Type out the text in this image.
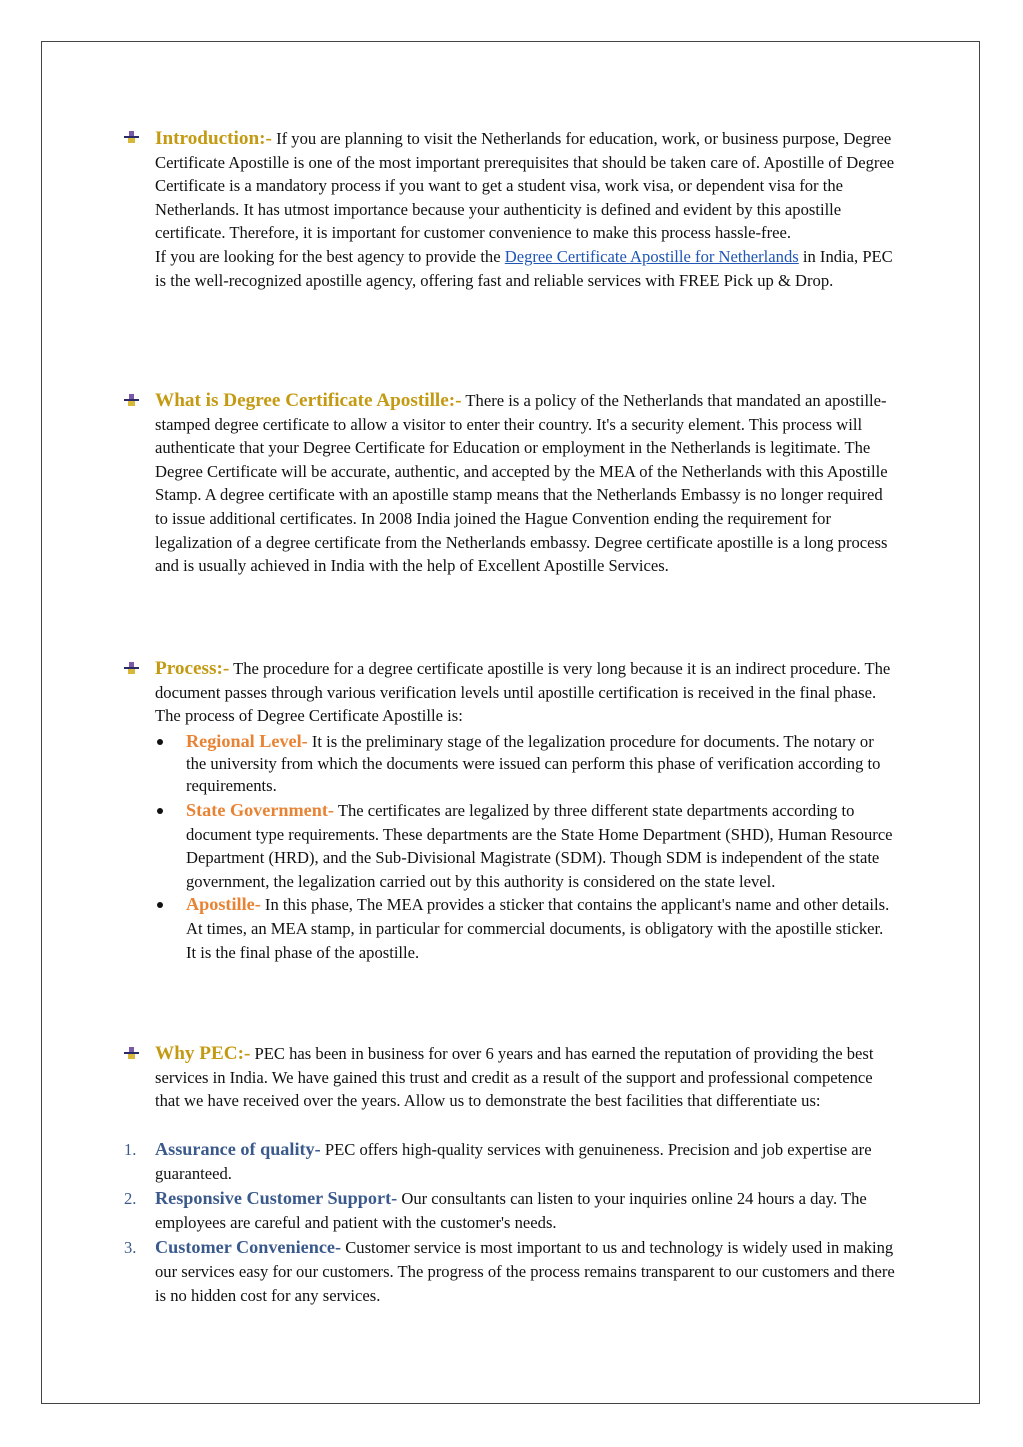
Introduction:- If you are planning to visit the Netherlands for education, work, or business purpose, Degree Certificate Apostille is one of the most important prerequisites that should be taken care of. Apostille of Degree Certificate is a mandatory process if you want to get a student visa, work visa, or dependent visa for the Netherlands. It has utmost importance because your authenticity is defined and evident by this apostille certificate. Therefore, it is important for customer convenience to make this process hassle-free.
If you are looking for the best agency to provide the Degree Certificate Apostille for Netherlands in India, PEC is the well-recognized apostille agency, offering fast and reliable services with FREE Pick up & Drop.
What is Degree Certificate Apostille:- There is a policy of the Netherlands that mandated an apostille-stamped degree certificate to allow a visitor to enter their country. It's a security element. This process will authenticate that your Degree Certificate for Education or employment in the Netherlands is legitimate. The Degree Certificate will be accurate, authentic, and accepted by the MEA of the Netherlands with this Apostille Stamp. A degree certificate with an apostille stamp means that the Netherlands Embassy is no longer required to issue additional certificates. In 2008 India joined the Hague Convention ending the requirement for legalization of a degree certificate from the Netherlands embassy. Degree certificate apostille is a long process and is usually achieved in India with the help of Excellent Apostille Services.
Process:- The procedure for a degree certificate apostille is very long because it is an indirect procedure. The document passes through various verification levels until apostille certification is received in the final phase. The process of Degree Certificate Apostille is:
Regional Level- It is the preliminary stage of the legalization procedure for documents. The notary or the university from which the documents were issued can perform this phase of verification according to requirements.
State Government- The certificates are legalized by three different state departments according to document type requirements. These departments are the State Home Department (SHD), Human Resource Department (HRD), and the Sub-Divisional Magistrate (SDM). Though SDM is independent of the state government, the legalization carried out by this authority is considered on the state level.
Apostille- In this phase, The MEA provides a sticker that contains the applicant's name and other details. At times, an MEA stamp, in particular for commercial documents, is obligatory with the apostille sticker. It is the final phase of the apostille.
Why PEC:- PEC has been in business for over 6 years and has earned the reputation of providing the best services in India. We have gained this trust and credit as a result of the support and professional competence that we have received over the years. Allow us to demonstrate the best facilities that differentiate us:
1. Assurance of quality- PEC offers high-quality services with genuineness. Precision and job expertise are guaranteed.
2. Responsive Customer Support- Our consultants can listen to your inquiries online 24 hours a day. The employees are careful and patient with the customer's needs.
3. Customer Convenience- Customer service is most important to us and technology is widely used in making our services easy for our customers. The progress of the process remains transparent to our customers and there is no hidden cost for any services.
